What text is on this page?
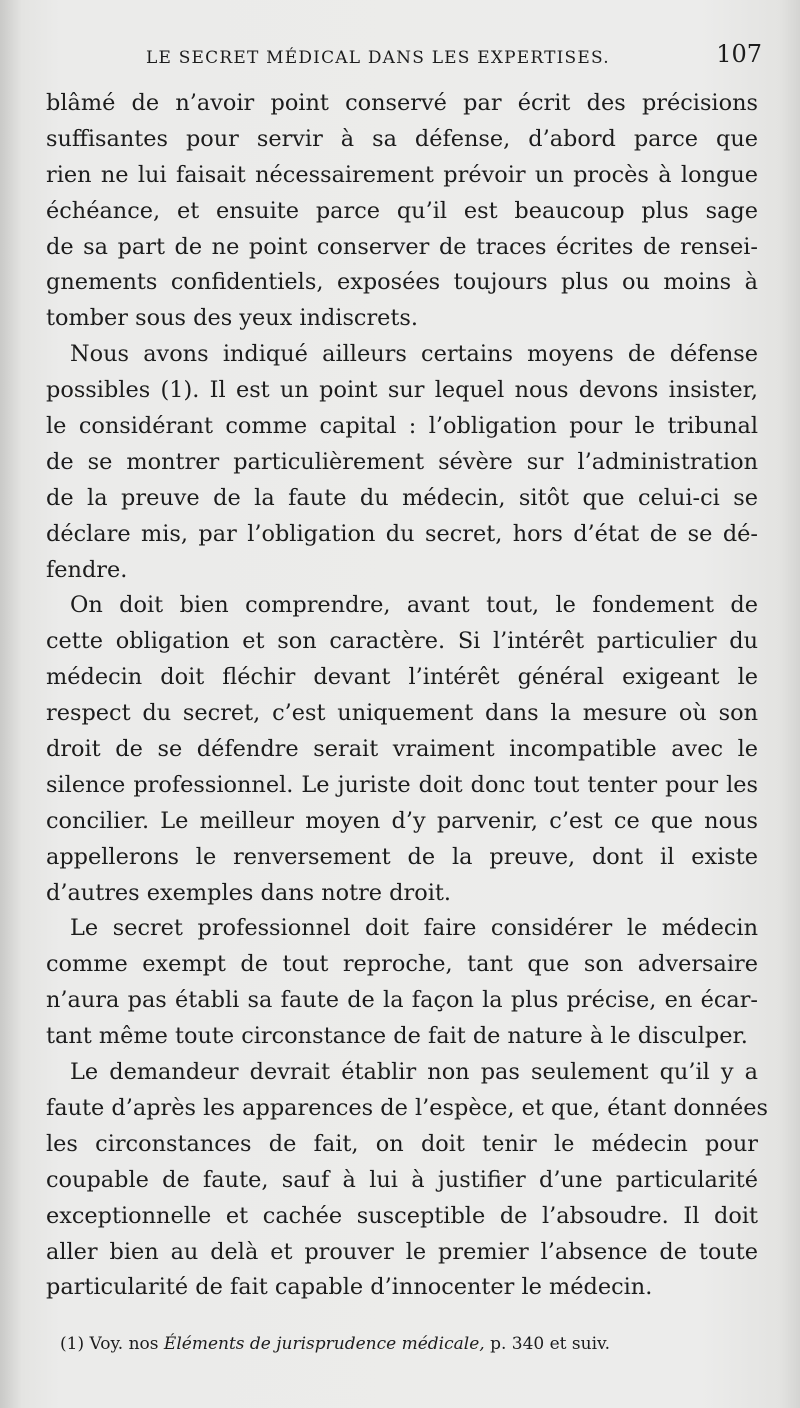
LE SECRET MÉDICAL DANS LES EXPERTISES.	107
blâmé de n’avoir point conservé par écrit des précisions
suffisantes pour servir à sa défense, d’abord parce que
rien ne lui faisait nécessairement prévoir un procès à longue
échéance, et ensuite parce qu’il est beaucoup plus sage
de sa part de ne point conserver de traces écrites de rensei-
gnements confidentiels, exposées toujours plus ou moins à
tomber sous des yeux indiscrets.
Nous avons indiqué ailleurs certains moyens de défense
possibles (1). Il est un point sur lequel nous devons insister,
le considérant comme capital : l’obligation pour le tribunal
de se montrer particulièrement sévère sur l’administration
de la preuve de la faute du médecin, sitôt que celui-ci se
déclare mis, par l’obligation du secret, hors d’état de se dé-
fendre.
On doit bien comprendre, avant tout, le fondement de
cette obligation et son caractère. Si l’intérêt particulier du
médecin doit fléchir devant l’intérêt général exigeant le
respect du secret, c’est uniquement dans la mesure où son
droit de se défendre serait vraiment incompatible avec le
silence professionnel. Le juriste doit donc tout tenter pour les
concilier. Le meilleur moyen d’y parvenir, c’est ce que nous
appellerons le renversement de la preuve, dont il existe
d’autres exemples dans notre droit.
Le secret professionnel doit faire considérer le médecin
comme exempt de tout reproche, tant que son adversaire
n’aura pas établi sa faute de la façon la plus précise, en écar-
tant même toute circonstance de fait de nature à le disculper.
Le demandeur devrait établir non pas seulement qu’il y a
faute d’après les apparences de l’espèce, et que, étant données
les circonstances de fait, on doit tenir le médecin pour
coupable de faute, sauf à lui à justifier d’une particularité
exceptionnelle et cachée susceptible de l’absoudre. Il doit
aller bien au delà et prouver le premier l’absence de toute
particularité de fait capable d’innocenter le médecin.
(1) Voy. nos Éléments de jurisprudence médicale, p. 340 et suiv.
